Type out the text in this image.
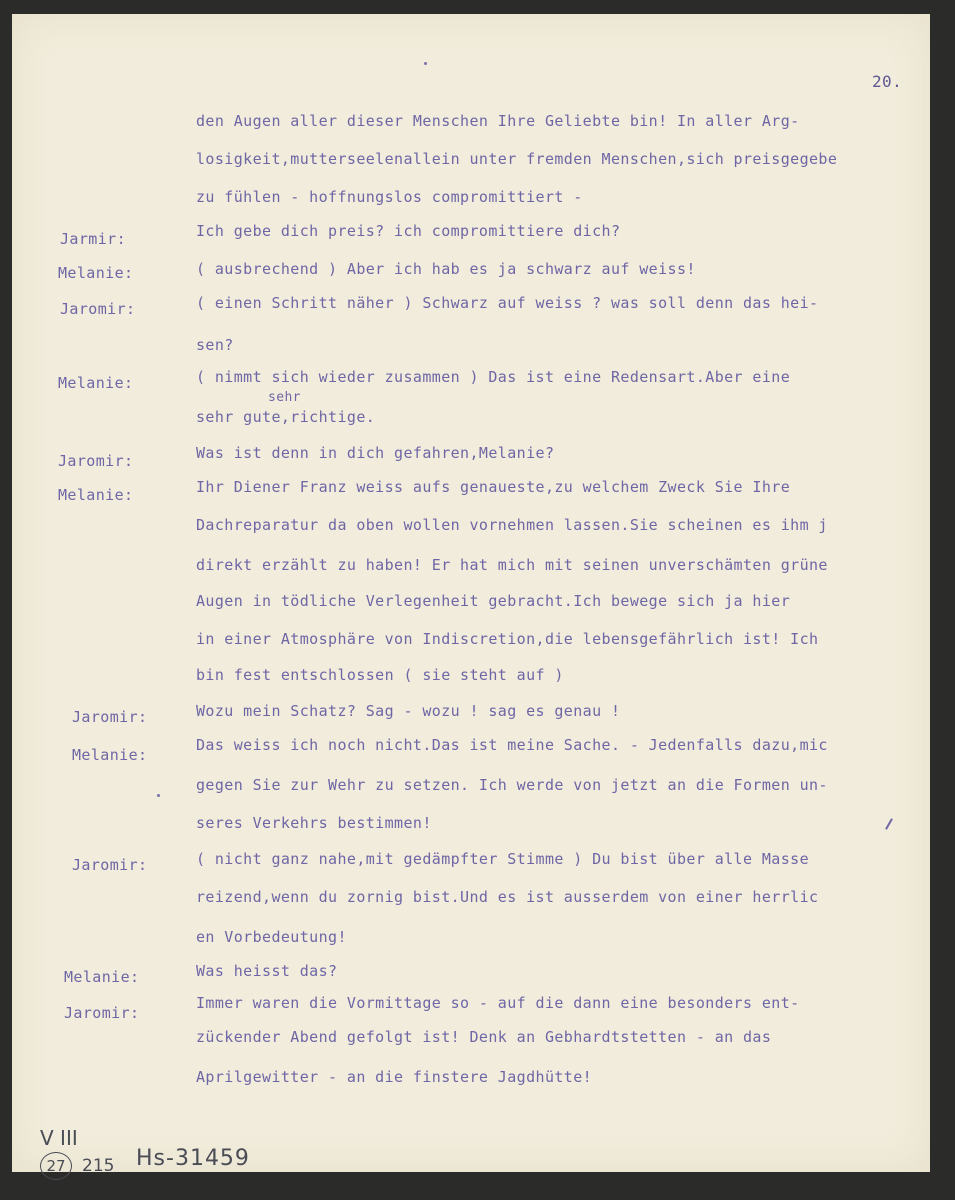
20.
Jarmir:
Melanie:
Jaromir:
Melanie:
Jaromir:
Melanie:
Jaromir:
Melanie:
Jaromir:
Melanie:
Jaromir:
den Augen aller dieser Menschen Ihre Geliebte bin! In aller Arg-
losigkeit,mutterseelenallein unter fremden Menschen,sich preisgegebe
zu fühlen - hoffnungslos compromittiert -
Ich gebe dich preis? ich compromittiere dich?
( ausbrechend ) Aber ich hab es ja schwarz auf weiss!
( einen Schritt näher ) Schwarz auf weiss ? was soll denn das hei-
sen?
( nimmt sich wieder zusammen ) Das ist eine Redensart.Aber eine
sehr
sehr gute,richtige.
Was ist denn in dich gefahren,Melanie?
Ihr Diener Franz weiss aufs genaueste,zu welchem Zweck Sie Ihre
Dachreparatur da oben wollen vornehmen lassen.Sie scheinen es ihm j
direkt erzählt zu haben! Er hat mich mit seinen unverschämten grüne
Augen in tödliche Verlegenheit gebracht.Ich bewege sich ja hier
in einer Atmosphäre von Indiscretion,die lebensgefährlich ist! Ich
bin fest entschlossen ( sie steht auf )
Wozu mein Schatz? Sag - wozu ! sag es genau !
Das weiss ich noch nicht.Das ist meine Sache. - Jedenfalls dazu,mic
gegen Sie zur Wehr zu setzen. Ich werde von jetzt an die Formen un-
seres Verkehrs bestimmen!
( nicht ganz nahe,mit gedämpfter Stimme ) Du bist über alle Masse
reizend,wenn du zornig bist.Und es ist ausserdem von einer herrlic
en Vorbedeutung!
Was heisst das?
Immer waren die Vormittage so - auf die dann eine besonders ent-
zückender Abend gefolgt ist! Denk an Gebhardtstetten - an das
Aprilgewitter - an die finstere Jagdhütte!
V III
27 215 Hs-31459
